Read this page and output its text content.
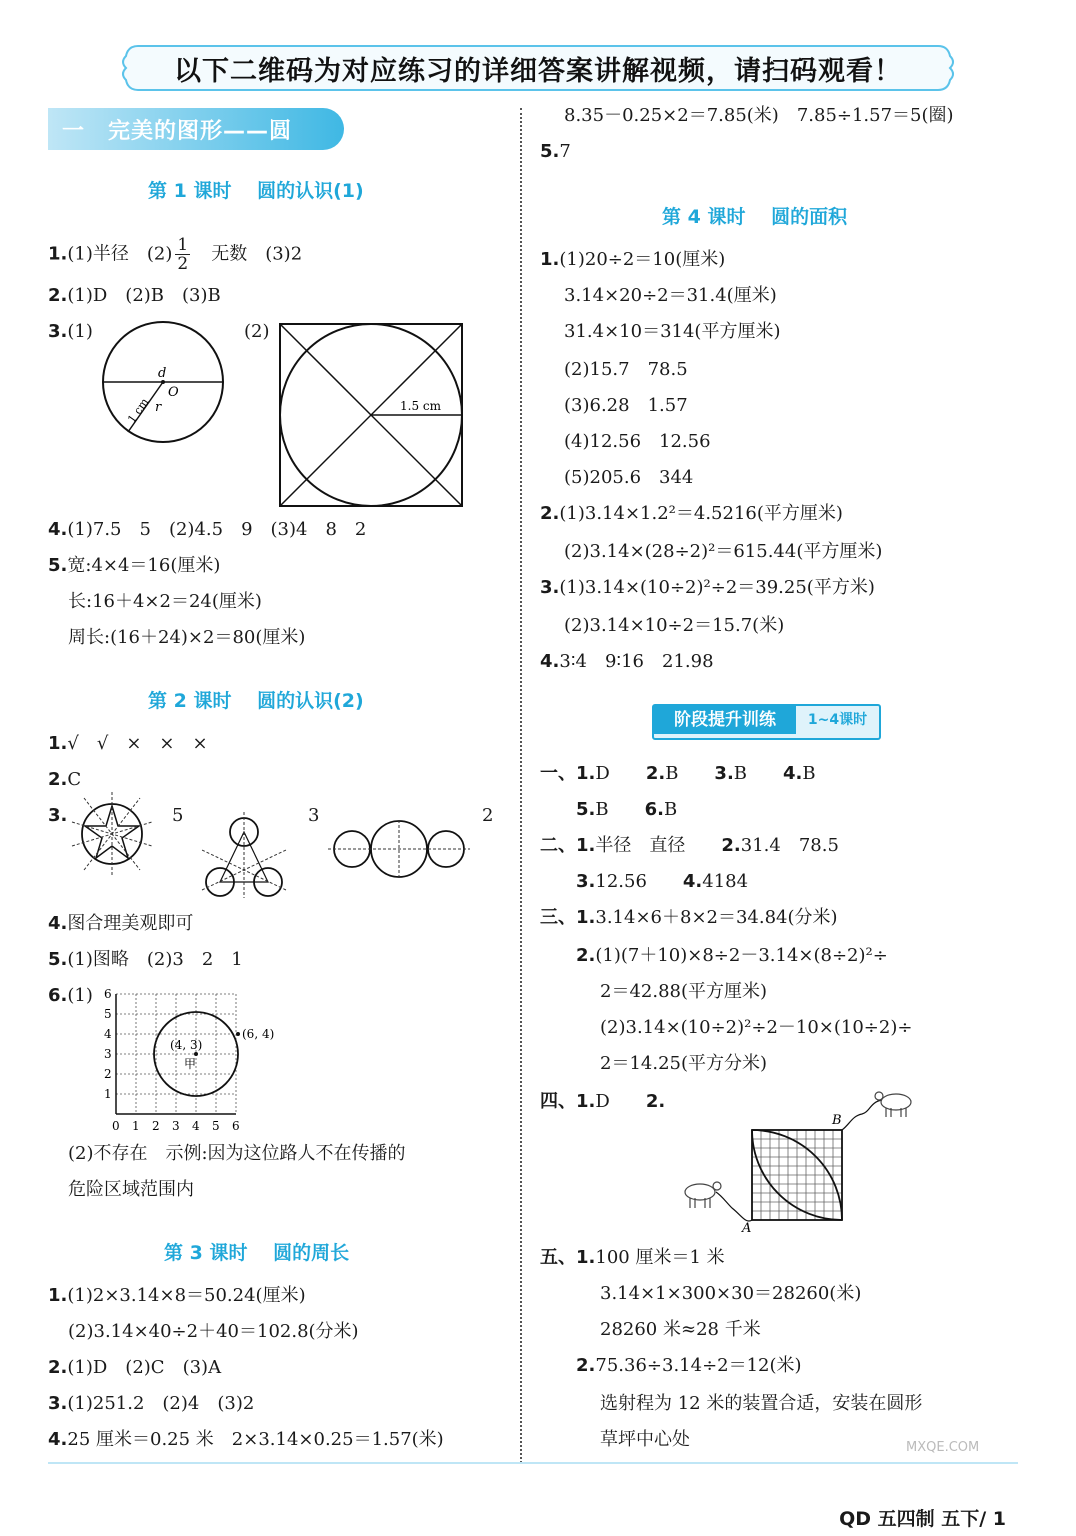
以下二维码为对应练习的详细答案讲解视频，请扫码观看！
一　完美的图形——圆
第 1 课时　 圆的认识(1)
1.(1)半径　$(2) \frac{1}{2}$ 　无数　(3)2
2.(1)D　(2)B　(3)B
3.(1)	(2)
d
O
r
1 cm	1.5 cm
4.(1)7.5　5　(2)4.5　9　(3)4　8　2
5.宽:4×4＝16(厘米)
长:16＋4×2＝24(厘米)
周长:(16＋24)×2＝80(厘米)
第 2 课时　 圆的认识(2)
1.√　√　×　×　×
2.C
3.	5	3	2
4.图合理美观即可
5.(1)图略　(2)3　2　1
6.(1)
0 1 2 3 4 5 6
1
2
3
4
5
6
(4, 3)
(6, 4)
甲
(2)不存在　示例:因为这位路人不在传播的
危险区域范围内
第 3 课时　 圆的周长
1.(1)2×3.14×8＝50.24(厘米)
(2)3.14×40÷2＋40＝102.8(分米)
2.(1)D　(2)C　(3)A
3.(1)251.2　(2)4　(3)2
4.25 厘米＝0.25 米　2×3.14×0.25＝1.57(米)
8.35－0.25×2＝7.85(米)　7.85÷1.57＝5(圈)
5.7
第 4 课时　 圆的面积
1.(1)20÷2＝10(厘米)
3.14×20÷2＝31.4(厘米)
31.4×10＝314(平方厘米)
(2)15.7　78.5
(3)6.28　1.57
(4)12.56　12.56
(5)205.6　344
2.(1)3.14×1.2²＝4.5216(平方厘米)
(2)3.14×(28÷2)²＝615.44(平方厘米)
3.(1)3.14×(10÷2)²÷2＝39.25(平方米)
(2)3.14×10÷2＝15.7(米)
4.3∶4　9∶16　21.98
阶段提升训练	1~4课时
一、1.D　　 2.B　　 3.B　　 4.B
5.B　　 6.B
二、1.半径　直径　　 2.31.4　78.5
3.12.56　　 4.4184
三、1.3.14×6＋8×2＝34.84(分米)
2.(1)(7＋10)×8÷2－3.14×(8÷2)²÷
2＝42.88(平方厘米)
(2)3.14×(10÷2)²÷2－10×(10÷2)÷
2＝14.25(平方分米)
四、1.D　　 2.
A
B
五、1.100 厘米＝1 米
3.14×1×300×30＝28260(米)
28260 米≈28 千米
2.75.36÷3.14÷2＝12(米)
选射程为 12 米的装置合适，安装在圆形
草坪中心处	MXQE.COM
QD 五四制 五下/ 1
